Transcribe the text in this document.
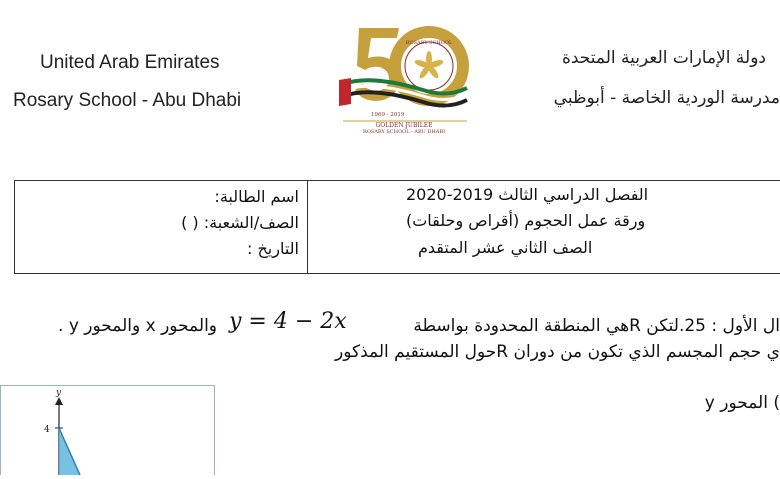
United Arab Emirates
Rosary School - Abu Dhabi
دولة الإمارات العربية المتحدة
مدرسة الوردية الخاصة - أبوظبي
ROSARY SCHOOL
1969 - 2019
GOLDEN JUBILEE
ROSARY SCHOOL - ABU DHABI
اسم الطالبة:
الصف/الشعبة: ( )
التاريخ :
الفصل الدراسي الثالث 2019-2020
ورقة عمل الحجوم (أقراص وحلقات)
الصف الثاني عشر المتقدم
ال الأول : 25.لتكن Rهي المنطقة المحدودة بواسطة
y = 4 − 2x
والمحور x والمحور y .
ي حجم المجسم الذي تكون من دوران Rحول المستقيم المذكور
) المحور y
y
4
